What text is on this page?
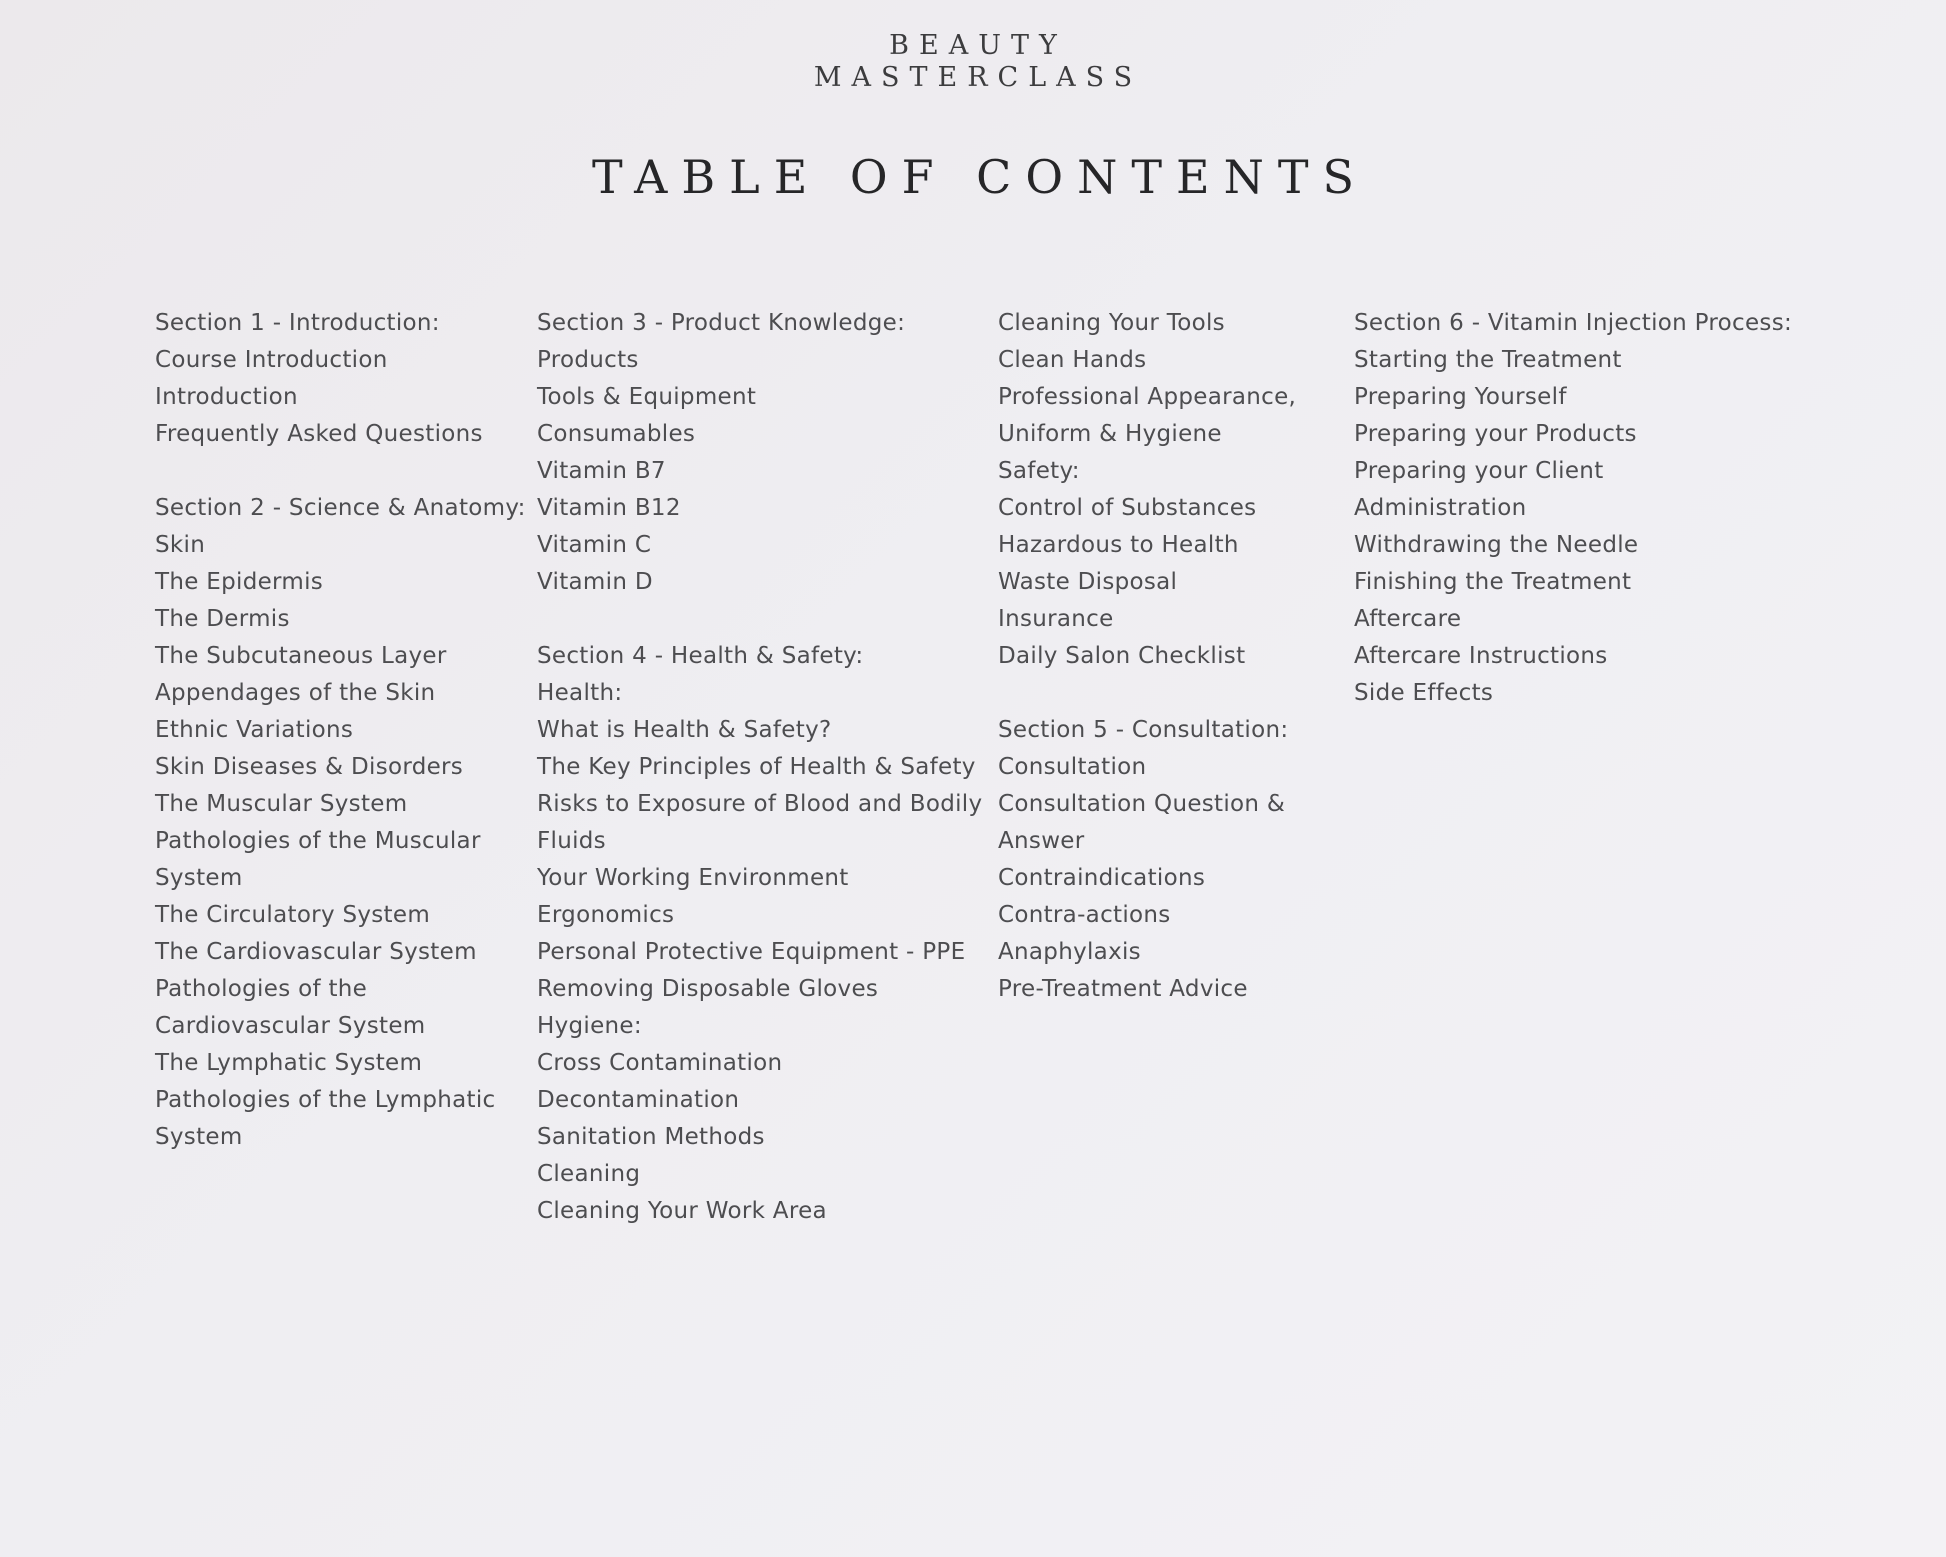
BEAUTY
MASTERCLASS
TABLE OF CONTENTS
Section 1 - Introduction:
Course Introduction
Introduction
Frequently Asked Questions
Section 2 - Science & Anatomy:
Skin
The Epidermis
The Dermis
The Subcutaneous Layer
Appendages of the Skin
Ethnic Variations
Skin Diseases & Disorders
The Muscular System
Pathologies of the Muscular
System
The Circulatory System
The Cardiovascular System
Pathologies of the
Cardiovascular System
The Lymphatic System
Pathologies of the Lymphatic
System
Section 3 - Product Knowledge:
Products
Tools & Equipment
Consumables
Vitamin B7
Vitamin B12
Vitamin C
Vitamin D
Section 4 - Health & Safety:
Health:
What is Health & Safety?
The Key Principles of Health & Safety
Risks to Exposure of Blood and Bodily
Fluids
Your Working Environment
Ergonomics
Personal Protective Equipment - PPE
Removing Disposable Gloves
Hygiene:
Cross Contamination
Decontamination
Sanitation Methods
Cleaning
Cleaning Your Work Area
Cleaning Your Tools
Clean Hands
Professional Appearance,
Uniform & Hygiene
Safety:
Control of Substances
Hazardous to Health
Waste Disposal
Insurance
Daily Salon Checklist
Section 5 - Consultation:
Consultation
Consultation Question &
Answer
Contraindications
Contra-actions
Anaphylaxis
Pre-Treatment Advice
Section 6 - Vitamin Injection Process:
Starting the Treatment
Preparing Yourself
Preparing your Products
Preparing your Client
Administration
Withdrawing the Needle
Finishing the Treatment
Aftercare
Aftercare Instructions
Side Effects
